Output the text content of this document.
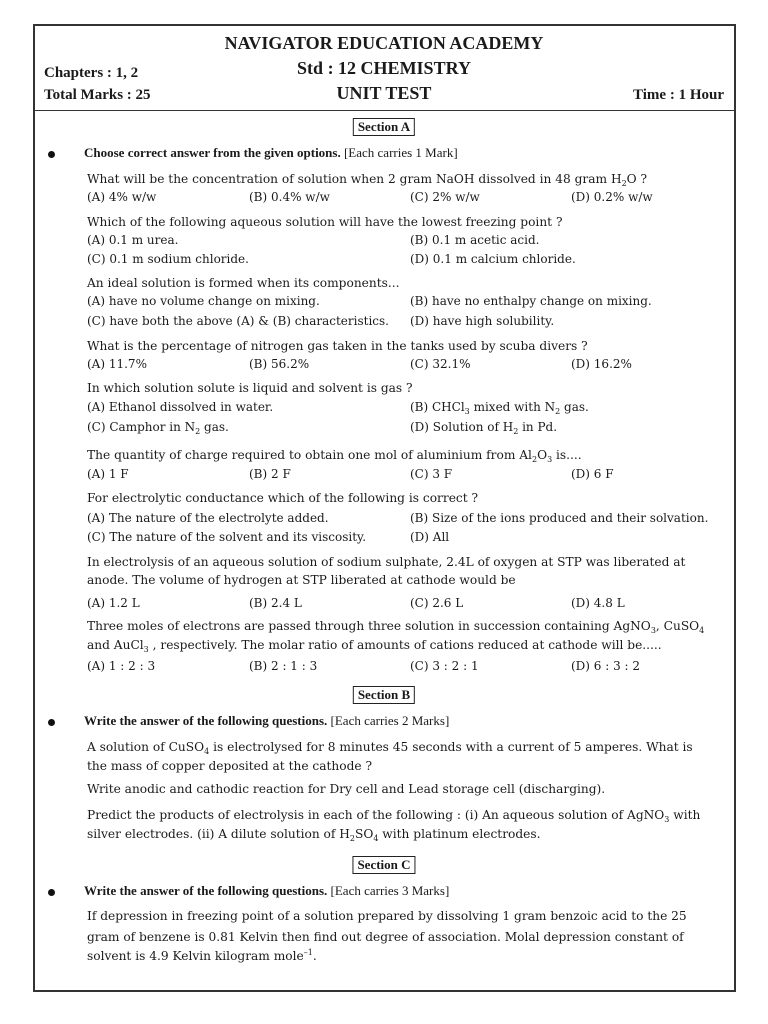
NAVIGATOR EDUCATION ACADEMY
Std : 12 CHEMISTRY
UNIT TEST
Chapters : 1, 2
Total Marks : 25	Time : 1 Hour
Section A
Choose correct answer from the given options. [Each carries 1 Mark]
What will be the concentration of solution when 2 gram NaOH dissolved in 48 gram $H_2O$ ?
(A) 4% w/w	(B) 0.4% w/w	(C) 2% w/w	(D) 0.2% w/w
Which of the following aqueous solution will have the lowest freezing point ?
(A) 0.1 m urea.	(B) 0.1 m acetic acid.
(C) 0.1 m sodium chloride.	(D) 0.1 m calcium chloride.
An ideal solution is formed when its components...
(A) have no volume change on mixing.	(B) have no enthalpy change on mixing.
(C) have both the above (A) & (B) characteristics. (D) have high solubility.
What is the percentage of nitrogen gas taken in the tanks used by scuba divers ?
(A) 11.7%	(B) 56.2%	(C) 32.1%	(D) 16.2%
In which solution solute is liquid and solvent is gas ?
(A) Ethanol dissolved in water.	(B) CHCl$_3$ mixed with $N_2$ gas.
(C) Camphor in $N_2$ gas.	(D) Solution of $H_2$ in Pd.
The quantity of charge required to obtain one mol of aluminium from $Al_2O_3$ is....
(A) 1 F	(B) 2 F	(C) 3 F	(D) 6 F
For electrolytic conductance which of the following is correct ?
(A) The nature of the electrolyte added.	(B) Size of the ions produced and their solvation.
(C) The nature of the solvent and its viscosity.	(D) All
In electrolysis of an aqueous solution of sodium sulphate, 2.4L of oxygen at STP was liberated at anode. The volume of hydrogen at STP liberated at cathode would be
(A) 1.2 L	(B) 2.4 L	(C) 2.6 L	(D) 4.8 L
Three moles of electrons are passed through three solution in succession containing AgNO$_3$, CuSO$_4$
and AuCl$_3$ , respectively. The molar ratio of amounts of cations reduced at cathode will be.....
(A) 1 : 2 : 3	(B) 2 : 1 : 3	(C) 3 : 2 : 1	(D) 6 : 3 : 2
Section B
Write the answer of the following questions. [Each carries 2 Marks]
A solution of CuSO$_4$ is electrolysed for 8 minutes 45 seconds with a current of 5 amperes. What is
the mass of copper deposited at the cathode ?
Write anodic and cathodic reaction for Dry cell and Lead storage cell (discharging).
Predict the products of electrolysis in each of the following : (i) An aqueous solution of AgNO$_3$ with
silver electrodes. (ii) A dilute solution of $H_2SO_4$ with platinum electrodes.
Section C
Write the answer of the following questions. [Each carries 3 Marks]
If depression in freezing point of a solution prepared by dissolving 1 gram benzoic acid to the 25
gram of benzene is 0.81 Kelvin then find out degree of association. Molal depression constant of
solvent is 4.9 Kelvin kilogram mole$^{-1}$.
